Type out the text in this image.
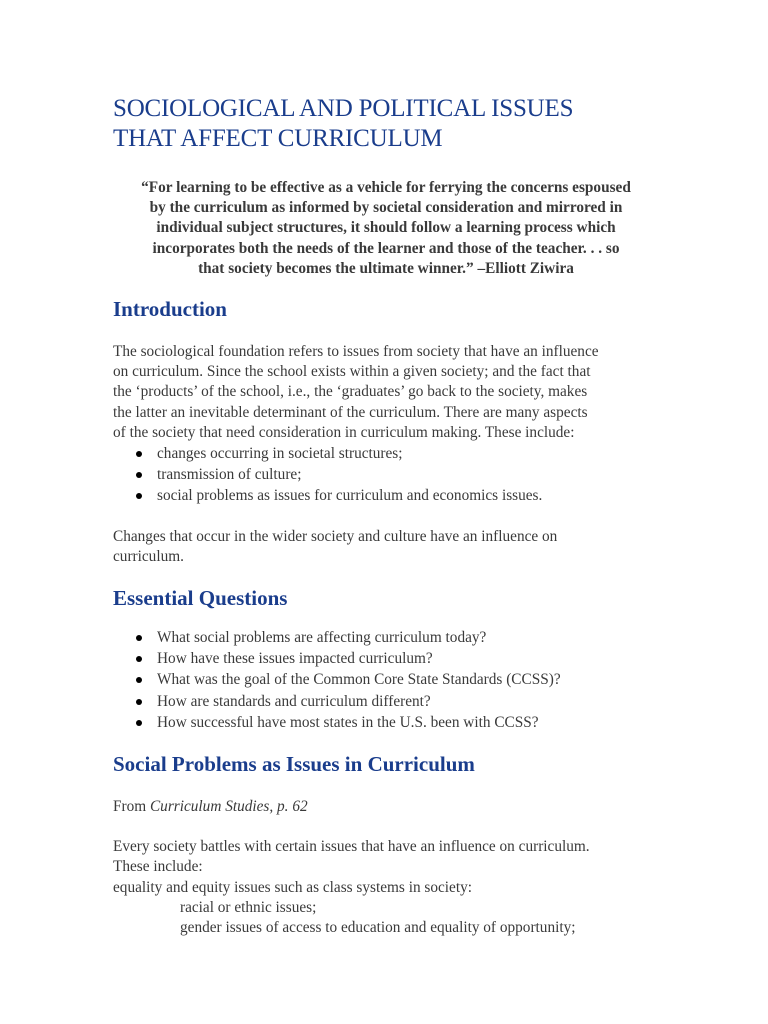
SOCIOLOGICAL AND POLITICAL ISSUES
THAT AFFECT CURRICULUM
“For learning to be effective as a vehicle for ferrying the concerns espoused
by the curriculum as informed by societal consideration and mirrored in
individual subject structures, it should follow a learning process which
incorporates both the needs of the learner and those of the teacher. . . so
that society becomes the ultimate winner.” –Elliott Ziwira
Introduction
The sociological foundation refers to issues from society that have an influence
on curriculum. Since the school exists within a given society; and the fact that
the ‘products’ of the school, i.e., the ‘graduates’ go back to the society, makes
the latter an inevitable determinant of the curriculum. There are many aspects
of the society that need consideration in curriculum making. These include:
changes occurring in societal structures;
transmission of culture;
social problems as issues for curriculum and economics issues.
Changes that occur in the wider society and culture have an influence on
curriculum.
Essential Questions
What social problems are affecting curriculum today?
How have these issues impacted curriculum?
What was the goal of the Common Core State Standards (CCSS)?
How are standards and curriculum different?
How successful have most states in the U.S. been with CCSS?
Social Problems as Issues in Curriculum
From Curriculum Studies, p. 62
Every society battles with certain issues that have an influence on curriculum.
These include:
equality and equity issues such as class systems in society:
racial or ethnic issues;
gender issues of access to education and equality of opportunity;
